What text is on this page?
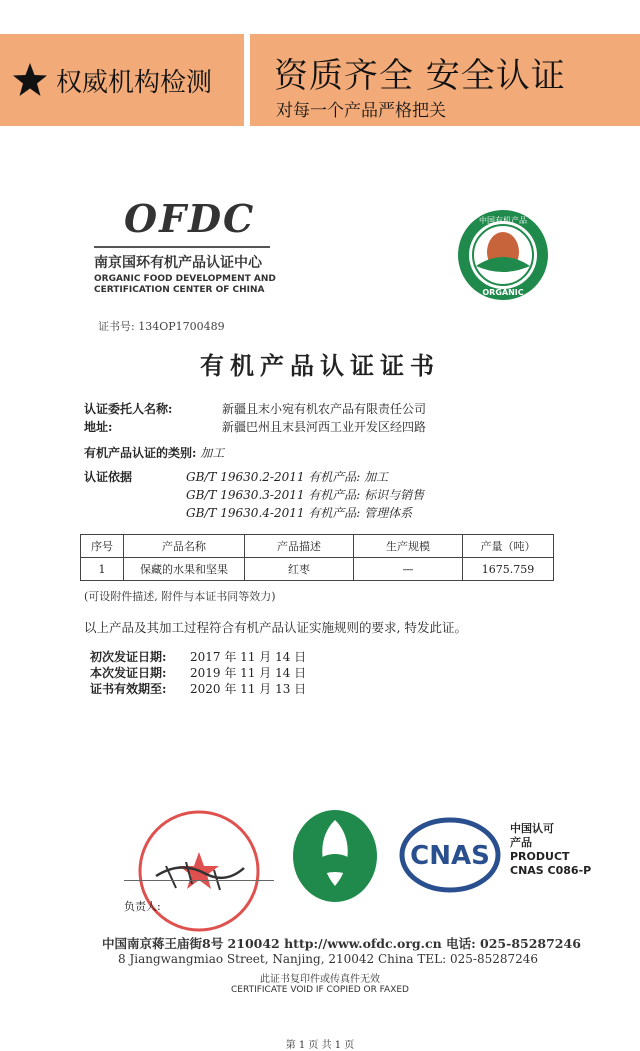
权威机构检测 资质齐全 安全认证
对每一个产品严格把关
OFDC
南京国环有机产品认证中心
ORGANIC FOOD DEVELOPMENT AND
CERTIFICATION CENTER OF CHINA
证书号: 134OP1700489
中国有机产品
ORGANIC
有机产品认证证书
认证委托人名称:	新疆且末小宛有机农产品有限责任公司
地址:	新疆巴州且末县河西工业开发区经四路
有机产品认证的类别: 加工
认证依据	GB/T 19630.2-2011 有机产品: 加工
GB/T 19630.3-2011 有机产品: 标识与销售
GB/T 19630.4-2011 有机产品: 管理体系
序号	产品名称	产品描述	生产规模	产量（吨）
1	保藏的水果和坚果	红枣	—	1675.759
(可设附件描述, 附件与本证书同等效力)
以上产品及其加工过程符合有机产品认证实施规则的要求, 特发此证。
初次发证日期: 2017 年 11 月 14 日
本次发证日期: 2019 年 11 月 14 日
证书有效期至: 2020 年 11 月 13 日
CNAS
中国认可
产品
PRODUCT
CNAS C086-P
负责人:
中国南京蒋王庙街8号 210042 http://www.ofdc.org.cn 电话: 025-85287246
8 Jiangwangmiao Street, Nanjing, 210042 China TEL: 025-85287246
此证书复印件或传真件无效
CERTIFICATE VOID IF COPIED OR FAXED
第 1 页 共 1 页
